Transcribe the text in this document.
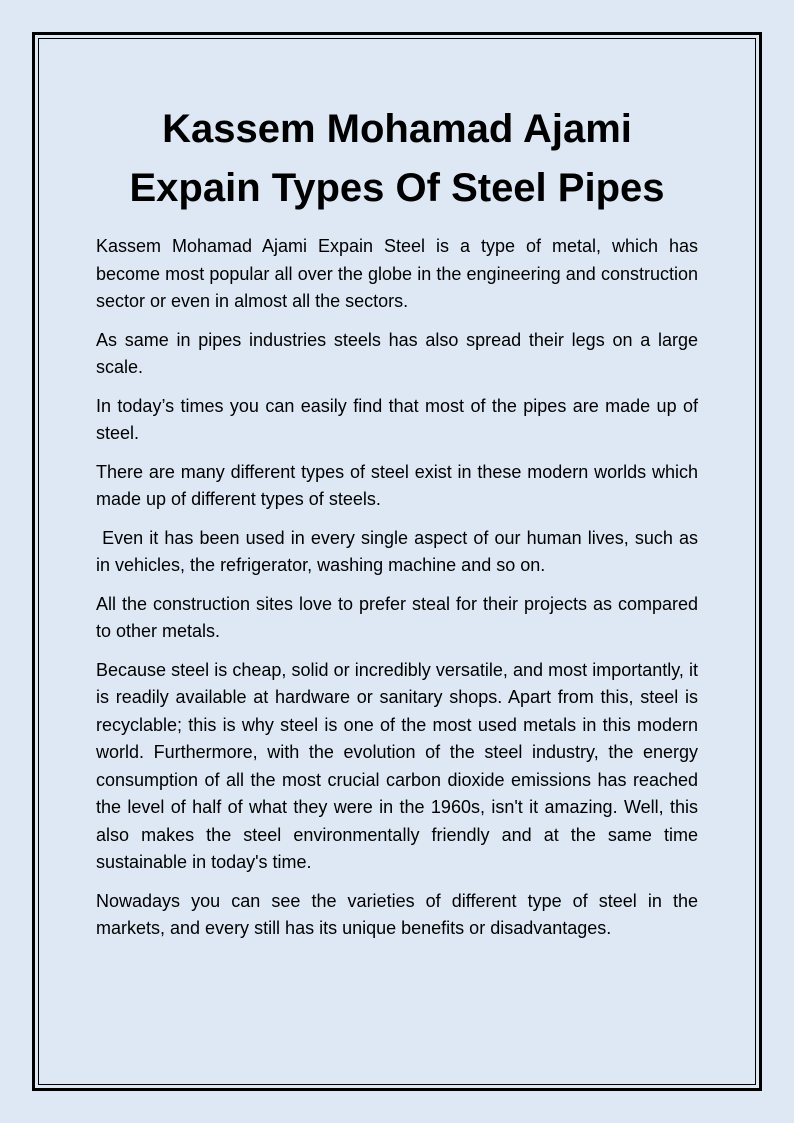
Kassem Mohamad Ajami
Expain Types Of Steel Pipes

Kassem Mohamad Ajami Expain Steel is a type of metal, which has become most popular all over the globe in the engineering and construction sector or even in almost all the sectors.

As same in pipes industries steels has also spread their legs on a large scale.

In today’s times you can easily find that most of the pipes are made up of steel.

There are many different types of steel exist in these modern worlds which made up of different types of steels.

Even it has been used in every single aspect of our human lives, such as in vehicles, the refrigerator, washing machine and so on.

All the construction sites love to prefer steal for their projects as compared to other metals.

Because steel is cheap, solid or incredibly versatile, and most importantly, it is readily available at hardware or sanitary shops. Apart from this, steel is recyclable; this is why steel is one of the most used metals in this modern world. Furthermore, with the evolution of the steel industry, the energy consumption of all the most crucial carbon dioxide emissions has reached the level of half of what they were in the 1960s, isn't it amazing. Well, this also makes the steel environmentally friendly and at the same time sustainable in today's time.

Nowadays you can see the varieties of different type of steel in the markets, and every still has its unique benefits or disadvantages.
